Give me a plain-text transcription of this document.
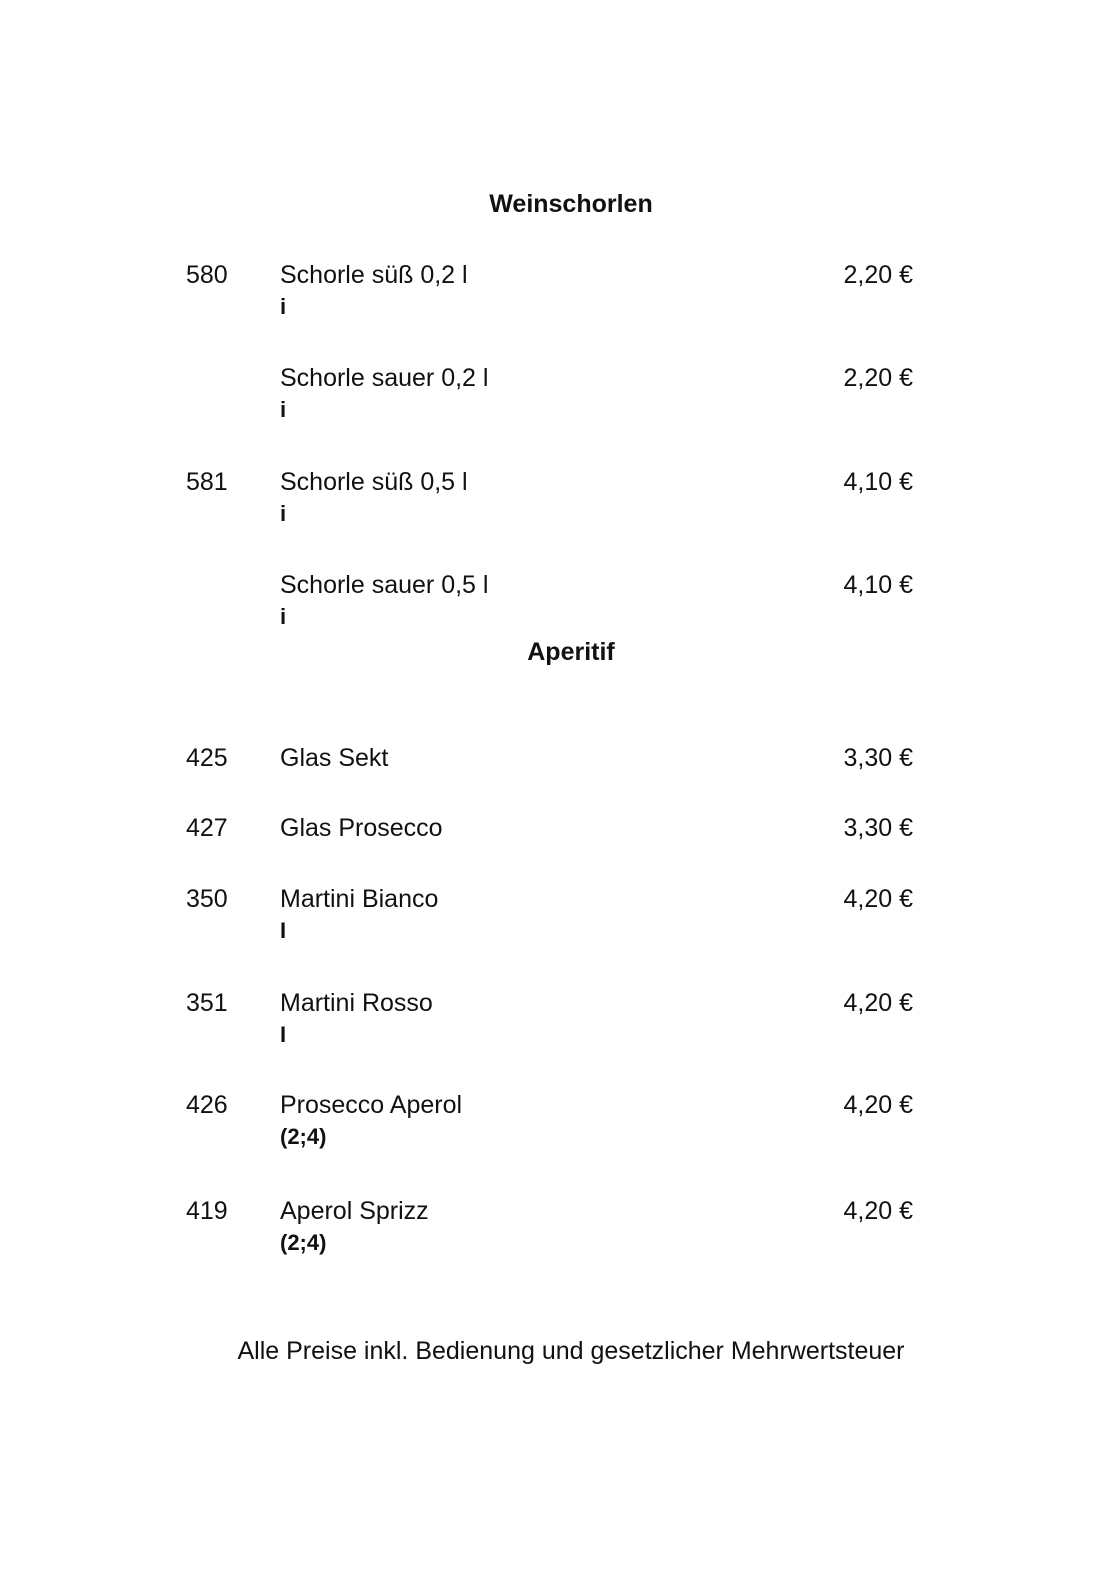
Weinschorlen
580 Schorle süß 0,2 l
i
2,20 €
Schorle sauer 0,2 l
i
2,20 €
581 Schorle süß 0,5 l
i
4,10 €
Schorle sauer 0,5 l
i
4,10 €
Aperitif
425 Glas Sekt	3,30 €
427 Glas Prosecco	3,30 €
350 Martini Bianco
I
4,20 €
351 Martini Rosso
I
4,20 €
426 Prosecco Aperol
(2;4)
4,20 €
419 Aperol Sprizz
(2;4)
4,20 €
Alle Preise inkl. Bedienung und gesetzlicher Mehrwertsteuer
